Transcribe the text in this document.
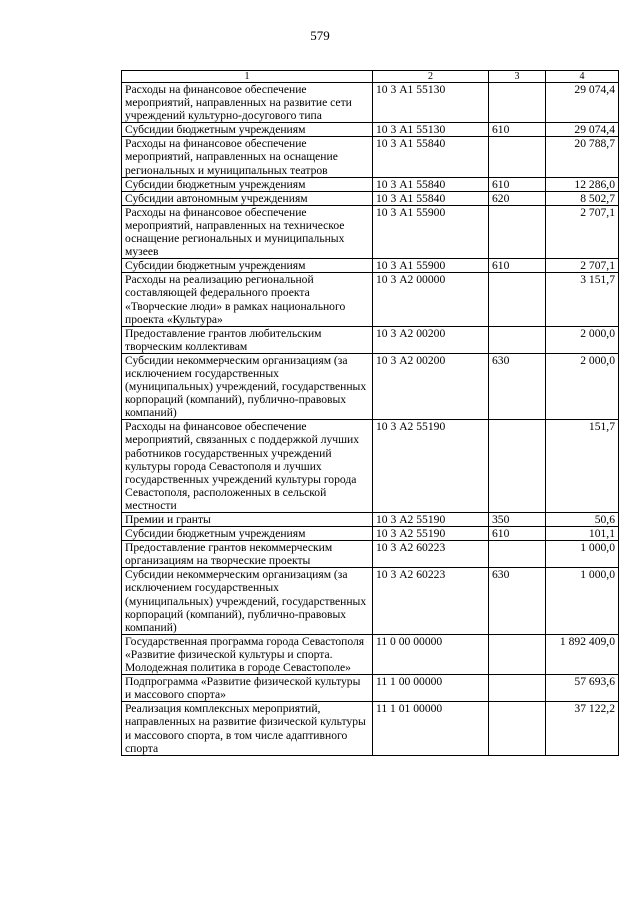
579
1	2	3	4
Расходы на финансовое обеспечение мероприятий, направленных на развитие сети учреждений культурно-досугового типа	10 3 А1 55130		29 074,4
Субсидии бюджетным учреждениям	10 3 А1 55130	610	29 074,4
Расходы на финансовое обеспечение мероприятий, направленных на оснащение региональных и муниципальных театров	10 3 А1 55840		20 788,7
Субсидии бюджетным учреждениям	10 3 А1 55840	610	12 286,0
Субсидии автономным учреждениям	10 3 А1 55840	620	8 502,7
Расходы на финансовое обеспечение мероприятий, направленных на техническое оснащение региональных и муниципальных музеев	10 3 А1 55900		2 707,1
Субсидии бюджетным учреждениям	10 3 А1 55900	610	2 707,1
Расходы на реализацию региональной составляющей федерального проекта «Творческие люди» в рамках национального проекта «Культура»	10 3 А2 00000		3 151,7
Предоставление грантов любительским творческим коллективам	10 3 А2 00200		2 000,0
Субсидии некоммерческим организациям (за исключением государственных (муниципальных) учреждений, государственных корпораций (компаний), публично-правовых компаний)	10 3 А2 00200	630	2 000,0
Расходы на финансовое обеспечение мероприятий, связанных с поддержкой лучших работников государственных учреждений культуры города Севастополя и лучших государственных учреждений культуры города Севастополя, расположенных в сельской местности	10 3 А2 55190		151,7
Премии и гранты	10 3 А2 55190	350	50,6
Субсидии бюджетным учреждениям	10 3 А2 55190	610	101,1
Предоставление грантов некоммерческим организациям на творческие проекты	10 3 А2 60223		1 000,0
Субсидии некоммерческим организациям (за исключением государственных (муниципальных) учреждений, государственных корпораций (компаний), публично-правовых компаний)	10 3 А2 60223	630	1 000,0
Государственная программа города Севастополя «Развитие физической культуры и спорта. Молодежная политика в городе Севастополе»	11 0 00 00000		1 892 409,0
Подпрограмма «Развитие физической культуры и массового спорта»	11 1 00 00000		57 693,6
Реализация комплексных мероприятий, направленных на развитие физической культуры и массового спорта, в том числе адаптивного спорта	11 1 01 00000		37 122,2
